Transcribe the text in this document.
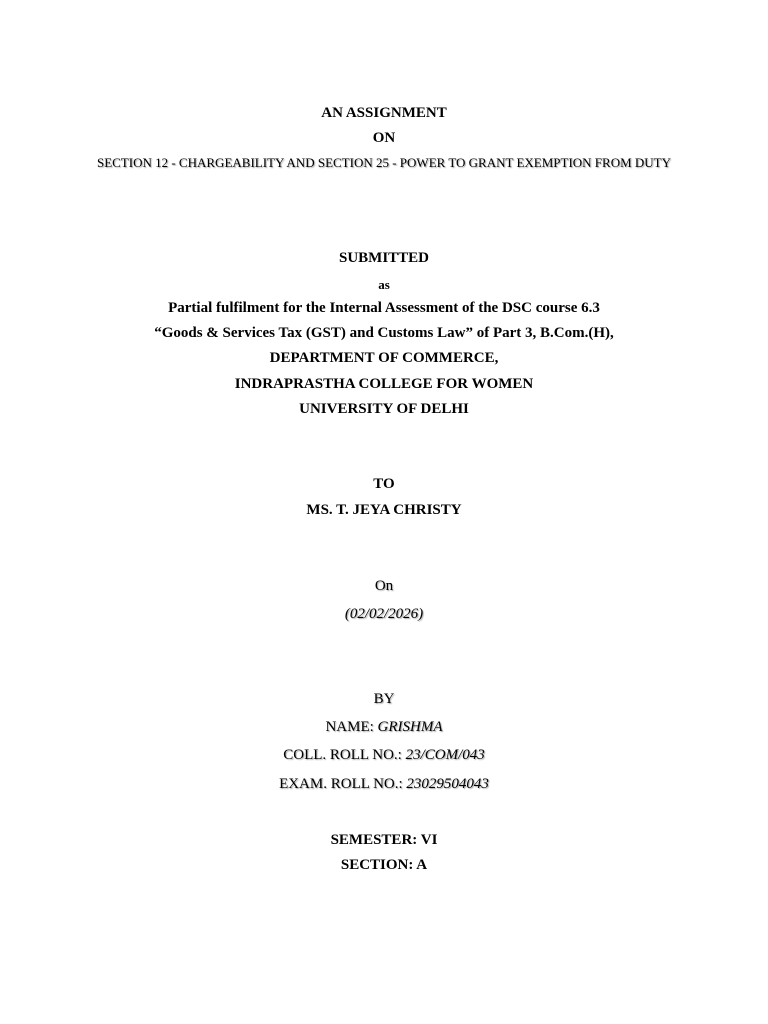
AN ASSIGNMENT
ON
SECTION 12 - CHARGEABILITY AND SECTION 25 - POWER TO GRANT EXEMPTION FROM DUTY
SUBMITTED
as
Partial fulfilment for the Internal Assessment of the DSC course 6.3
“Goods & Services Tax (GST) and Customs Law” of Part 3, B.Com.(H),
DEPARTMENT OF COMMERCE,
INDRAPRASTHA COLLEGE FOR WOMEN
UNIVERSITY OF DELHI
TO
MS. T. JEYA CHRISTY
On
(02/02/2026)
BY
NAME: GRISHMA
COLL. ROLL NO.: 23/COM/043
EXAM. ROLL NO.: 23029504043
SEMESTER: VI
SECTION: A
